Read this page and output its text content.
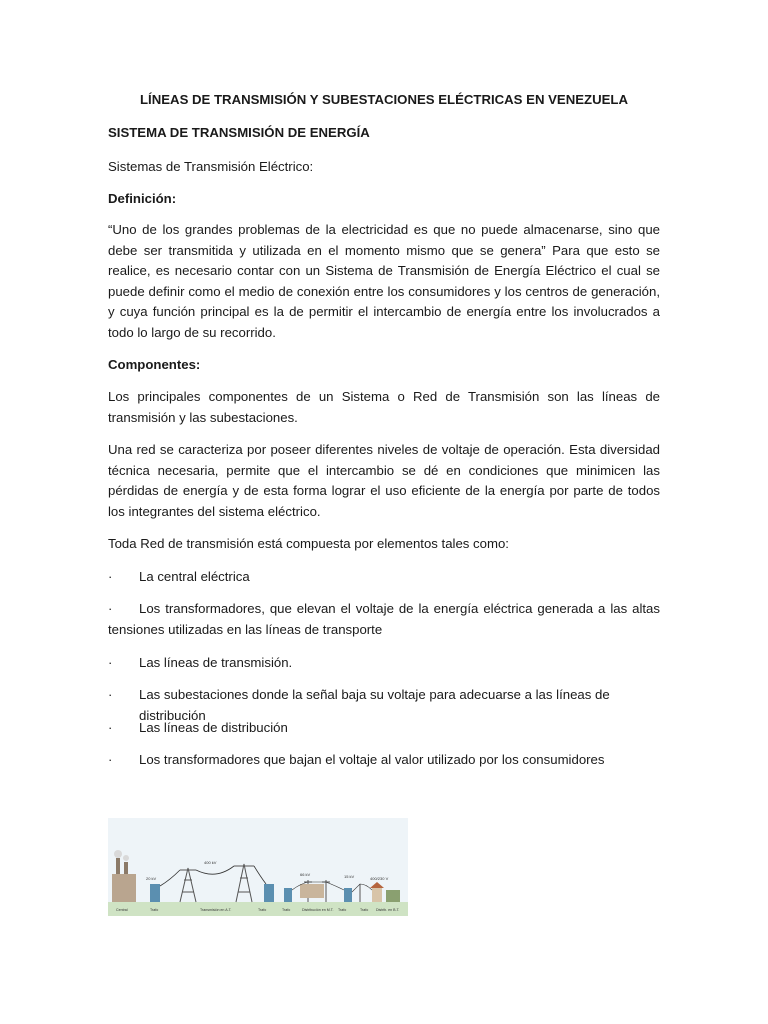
LÍNEAS DE TRANSMISIÓN Y SUBESTACIONES ELÉCTRICAS EN VENEZUELA

SISTEMA DE TRANSMISIÓN DE ENERGÍA

Sistemas de Transmisión Eléctrico:

Definición:

“Uno de los grandes problemas de la electricidad es que no puede almacenarse, sino que debe ser transmitida y utilizada en el momento mismo que se genera” Para que esto se realice, es necesario contar con un Sistema de Transmisión de Energía Eléctrico el cual se puede definir como el medio de conexión entre los consumidores y los centros de generación, y cuya función principal es la de permitir el intercambio de energía entre los involucrados a todo lo largo de su recorrido.

Componentes:

Los principales componentes de un Sistema o Red de Transmisión son las líneas de transmisión y las subestaciones.

Una red se caracteriza por poseer diferentes niveles de voltaje de operación. Esta diversidad técnica necesaria, permite que el intercambio se dé en condiciones que minimicen las pérdidas de energía y de esta forma lograr el uso eficiente de la energía por parte de todos los integrantes del sistema eléctrico.

Toda Red de transmisión está compuesta por elementos tales como:

·	La central eléctrica
·	Los transformadores, que elevan el voltaje de la energía eléctrica generada a las altas tensiones utilizadas en las líneas de transporte
·	Las líneas de transmisión.
·	Las subestaciones donde la señal baja su voltaje para adecuarse a las líneas de distribución
·	Las líneas de distribución
·	Los transformadores que bajan el voltaje al valor utilizado por los consumidores
20 kV
400 kV
66 kV	15 kV	400/230 V
Central	Trafo	Transmisión en A.T.	Trafo	Trafo	Distribución en M.T. Trafo	Trafo Distrib. en B.T.
